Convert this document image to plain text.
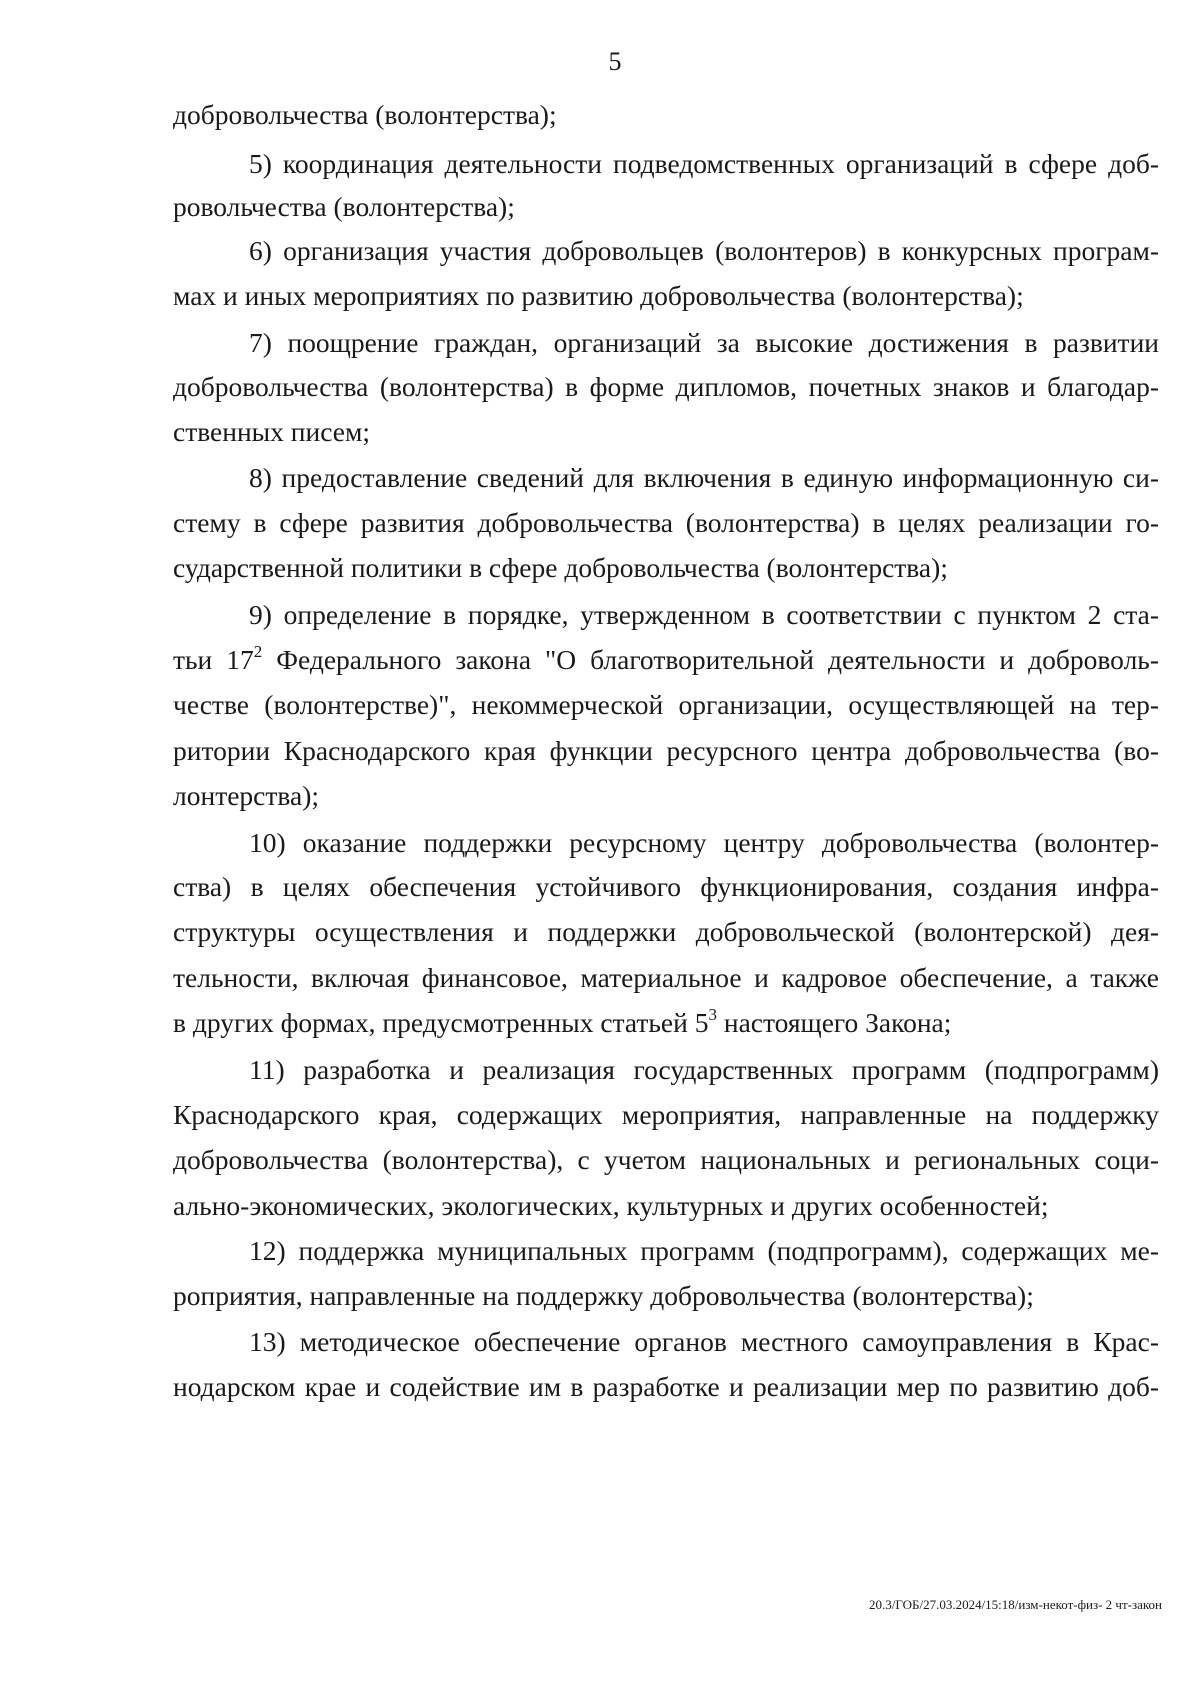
5
добровольчества (волонтерства);
5) координация деятельности подведомственных организаций в сфере доб-
ровольчества (волонтерства);
6) организация участия добровольцев (волонтеров) в конкурсных програм-
мах и иных мероприятиях по развитию добровольчества (волонтерства);
7) поощрение граждан, организаций за высокие достижения в развитии
добровольчества (волонтерства) в форме дипломов, почетных знаков и благодар-
ственных писем;
8) предоставление сведений для включения в единую информационную си-
стему в сфере развития добровольчества (волонтерства) в целях реализации го-
сударственной политики в сфере добровольчества (волонтерства);
9) определение в порядке, утвержденном в соответствии с пунктом 2 ста-
тьи $17^2$ Федерального закона "О благотворительной деятельности и доброволь-
честве (волонтерстве)", некоммерческой организации, осуществляющей на тер-
ритории Краснодарского края функции ресурсного центра добровольчества (во-
лонтерства);
10) оказание поддержки ресурсному центру добровольчества (волонтер-
ства) в целях обеспечения устойчивого функционирования, создания инфра-
структуры осуществления и поддержки добровольческой (волонтерской) дея-
тельности, включая финансовое, материальное и кадровое обеспечение, а также
в других формах, предусмотренных статьей $5^3$ настоящего Закона;
11) разработка и реализация государственных программ (подпрограмм)
Краснодарского края, содержащих мероприятия, направленные на поддержку
добровольчества (волонтерства), с учетом национальных и региональных соци-
ально-экономических, экологических, культурных и других особенностей;
12) поддержка муниципальных программ (подпрограмм), содержащих ме-
роприятия, направленные на поддержку добровольчества (волонтерства);
13) методическое обеспечение органов местного самоуправления в Крас-
нодарском крае и содействие им в разработке и реализации мер по развитию доб-
20.3/ГОБ/27.03.2024/15:18/изм-некот-физ- 2 чт-закон
